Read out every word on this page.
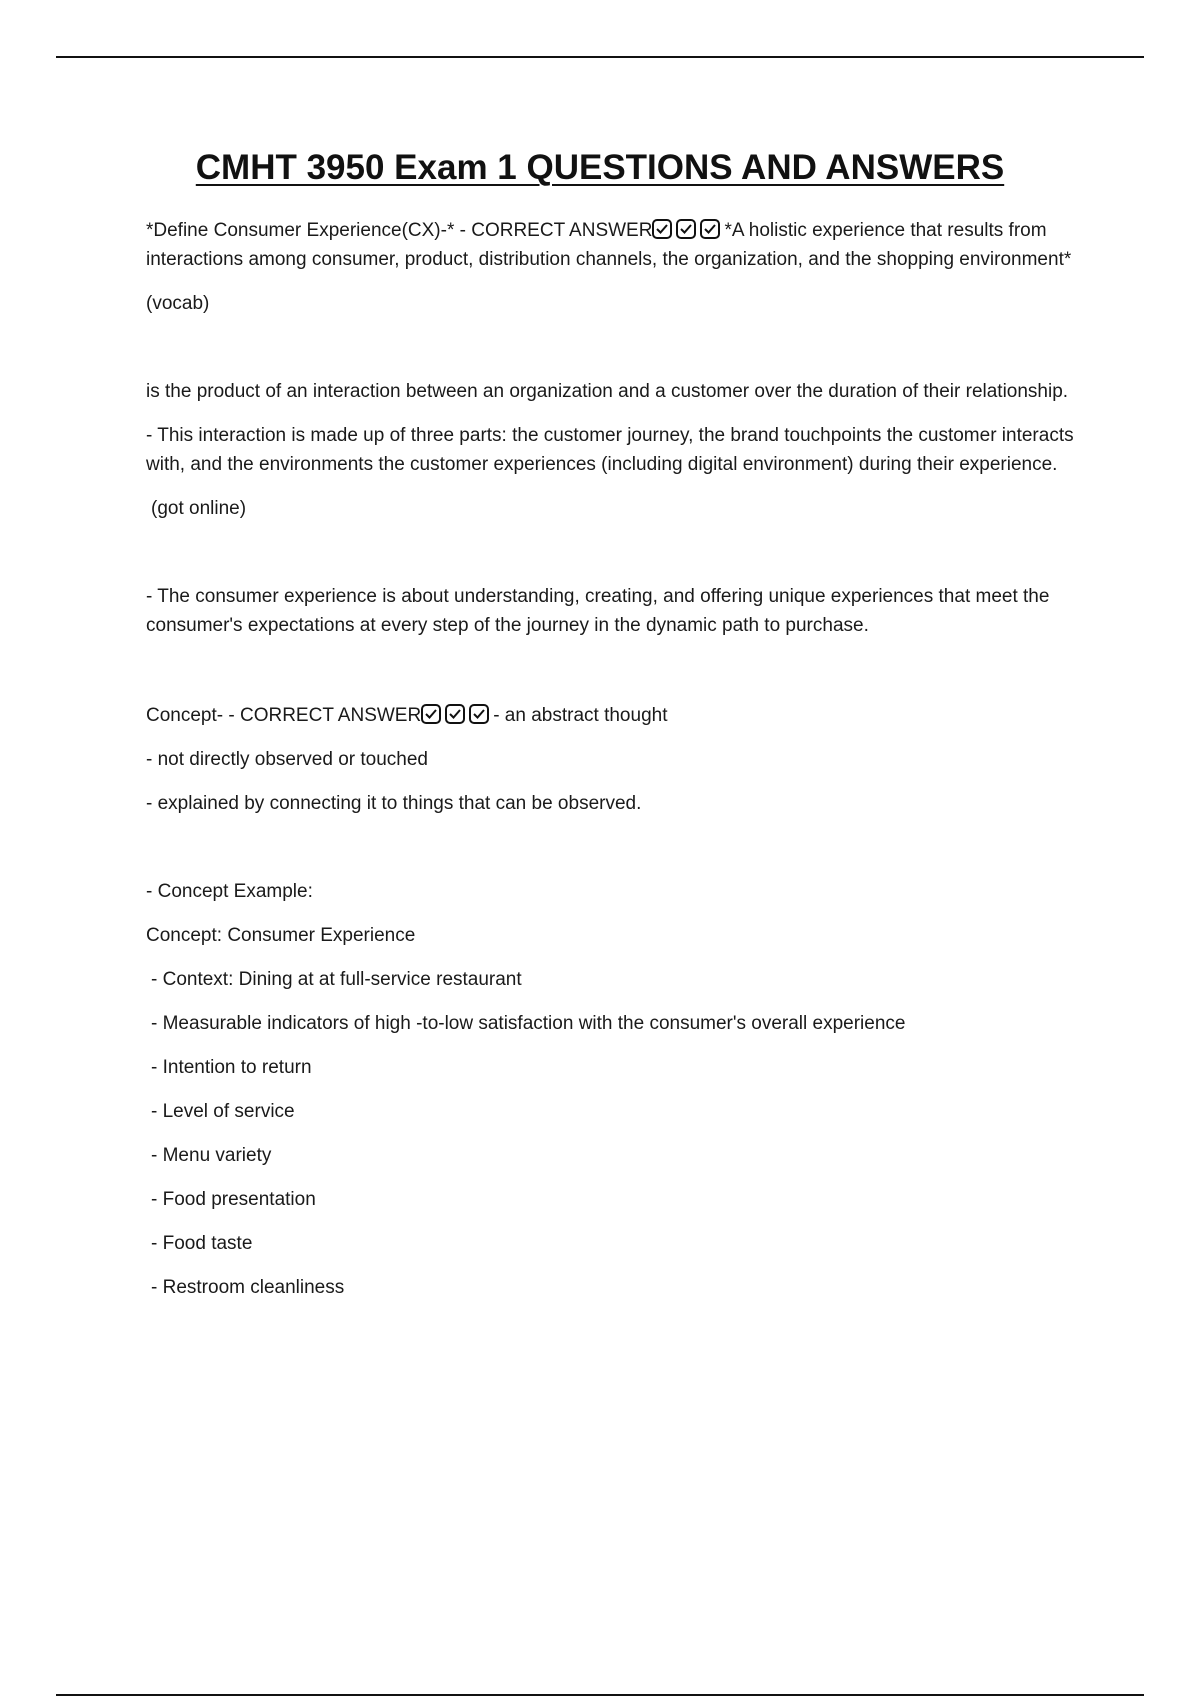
CMHT 3950 Exam 1 QUESTIONS AND ANSWERS

*Define Consumer Experience(CX)-* - CORRECT ANSWER	*A holistic experience that results from interactions among consumer, product, distribution channels, the organization, and the shopping environment*

(vocab)

is the product of an interaction between an organization and a customer over the duration of their relationship.

- This interaction is made up of three parts: the customer journey, the brand touchpoints the customer interacts with, and the environments the customer experiences (including digital environment) during their experience.

(got online)

- The consumer experience is about understanding, creating, and offering unique experiences that meet the consumer's expectations at every step of the journey in the dynamic path to purchase.

Concept- - CORRECT ANSWER	- an abstract thought

- not directly observed or touched

- explained by connecting it to things that can be observed.

- Concept Example:

Concept: Consumer Experience

- Context: Dining at at full-service restaurant

- Measurable indicators of high -to-low satisfaction with the consumer's overall experience

- Intention to return

- Level of service

- Menu variety

- Food presentation

- Food taste

- Restroom cleanliness
